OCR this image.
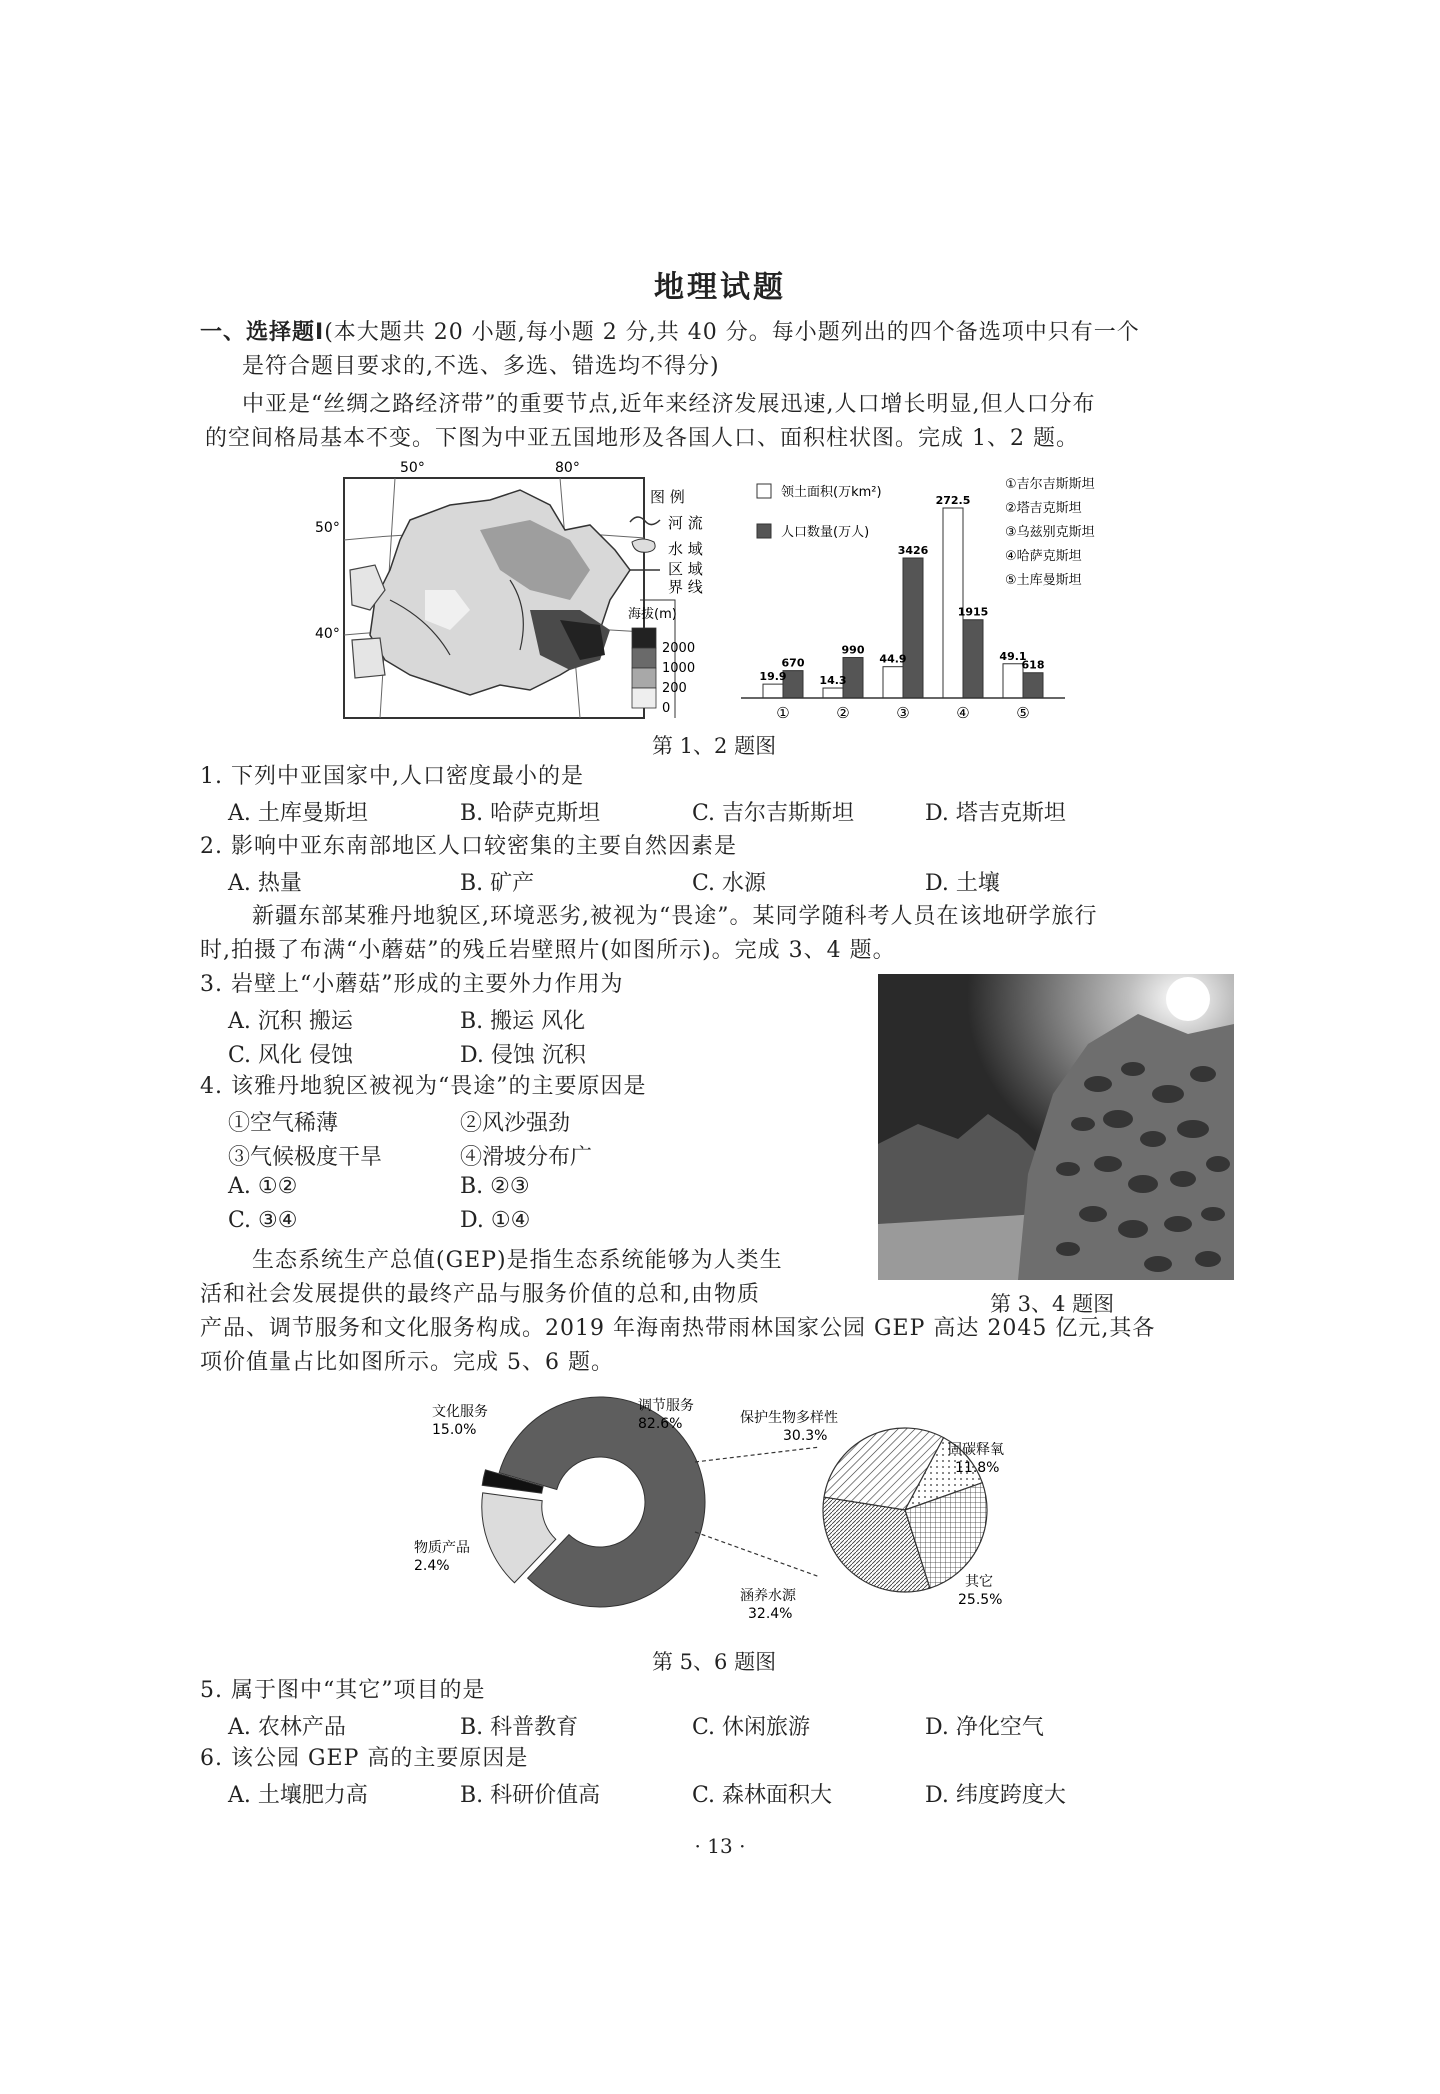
地理试题
一、选择题Ⅰ(本大题共 20 小题,每小题 2 分,共 40 分。每小题列出的四个备选项中只有一个
是符合题目要求的,不选、多选、错选均不得分)
中亚是“丝绸之路经济带”的重要节点,近年来经济发展迅速,人口增长明显,但人口分布
的空间格局基本不变。下图为中亚五国地形及各国人口、面积柱状图。完成 1、2 题。
50°	80°
50°
40°
图 例
河 流
水 域
区 域
界 线
海拔(m)
2000
1000
200
0
领土面积(万km²)
人口数量(万人)
19.9
670
①
14.3
990
②
44.9
3426
③
272.5
1915
④
49.1
618
⑤
①吉尔吉斯斯坦
②塔吉克斯坦
③乌兹别克斯坦
④哈萨克斯坦
⑤土库曼斯坦
第 1、2 题图
1. 下列中亚国家中,人口密度最小的是
A. 土库曼斯坦	B. 哈萨克斯坦	C. 吉尔吉斯斯坦	D. 塔吉克斯坦
2. 影响中亚东南部地区人口较密集的主要自然因素是
A. 热量	B. 矿产	C. 水源	D. 土壤
新疆东部某雅丹地貌区,环境恶劣,被视为“畏途”。某同学随科考人员在该地研学旅行
时,拍摄了布满“小蘑菇”的残丘岩壁照片(如图所示)。完成 3、4 题。
3. 岩壁上“小蘑菇”形成的主要外力作用为
A. 沉积 搬运	B. 搬运 风化
C. 风化 侵蚀	D. 侵蚀 沉积
4. 该雅丹地貌区被视为“畏途”的主要原因是
①空气稀薄	②风沙强劲
③气候极度干旱	④滑坡分布广
A. ①②	B. ②③
C. ③④	D. ①④
第 3、4 题图
生态系统生产总值(GEP)是指生态系统能够为人类生
活和社会发展提供的最终产品与服务价值的总和,由物质
产品、调节服务和文化服务构成。2019 年海南热带雨林国家公园 GEP 高达 2045 亿元,其各
项价值量占比如图所示。完成 5、6 题。
文化服务
15.0%
调节服务
82.6%
物质产品
2.4%
保护生物多样性
30.3%
固碳释氧
11.8%
其它
25.5%
涵养水源
32.4%
第 5、6 题图
5. 属于图中“其它”项目的是
A. 农林产品	B. 科普教育	C. 休闲旅游	D. 净化空气
6. 该公园 GEP 高的主要原因是
A. 土壤肥力高	B. 科研价值高	C. 森林面积大	D. 纬度跨度大
· 13 ·
